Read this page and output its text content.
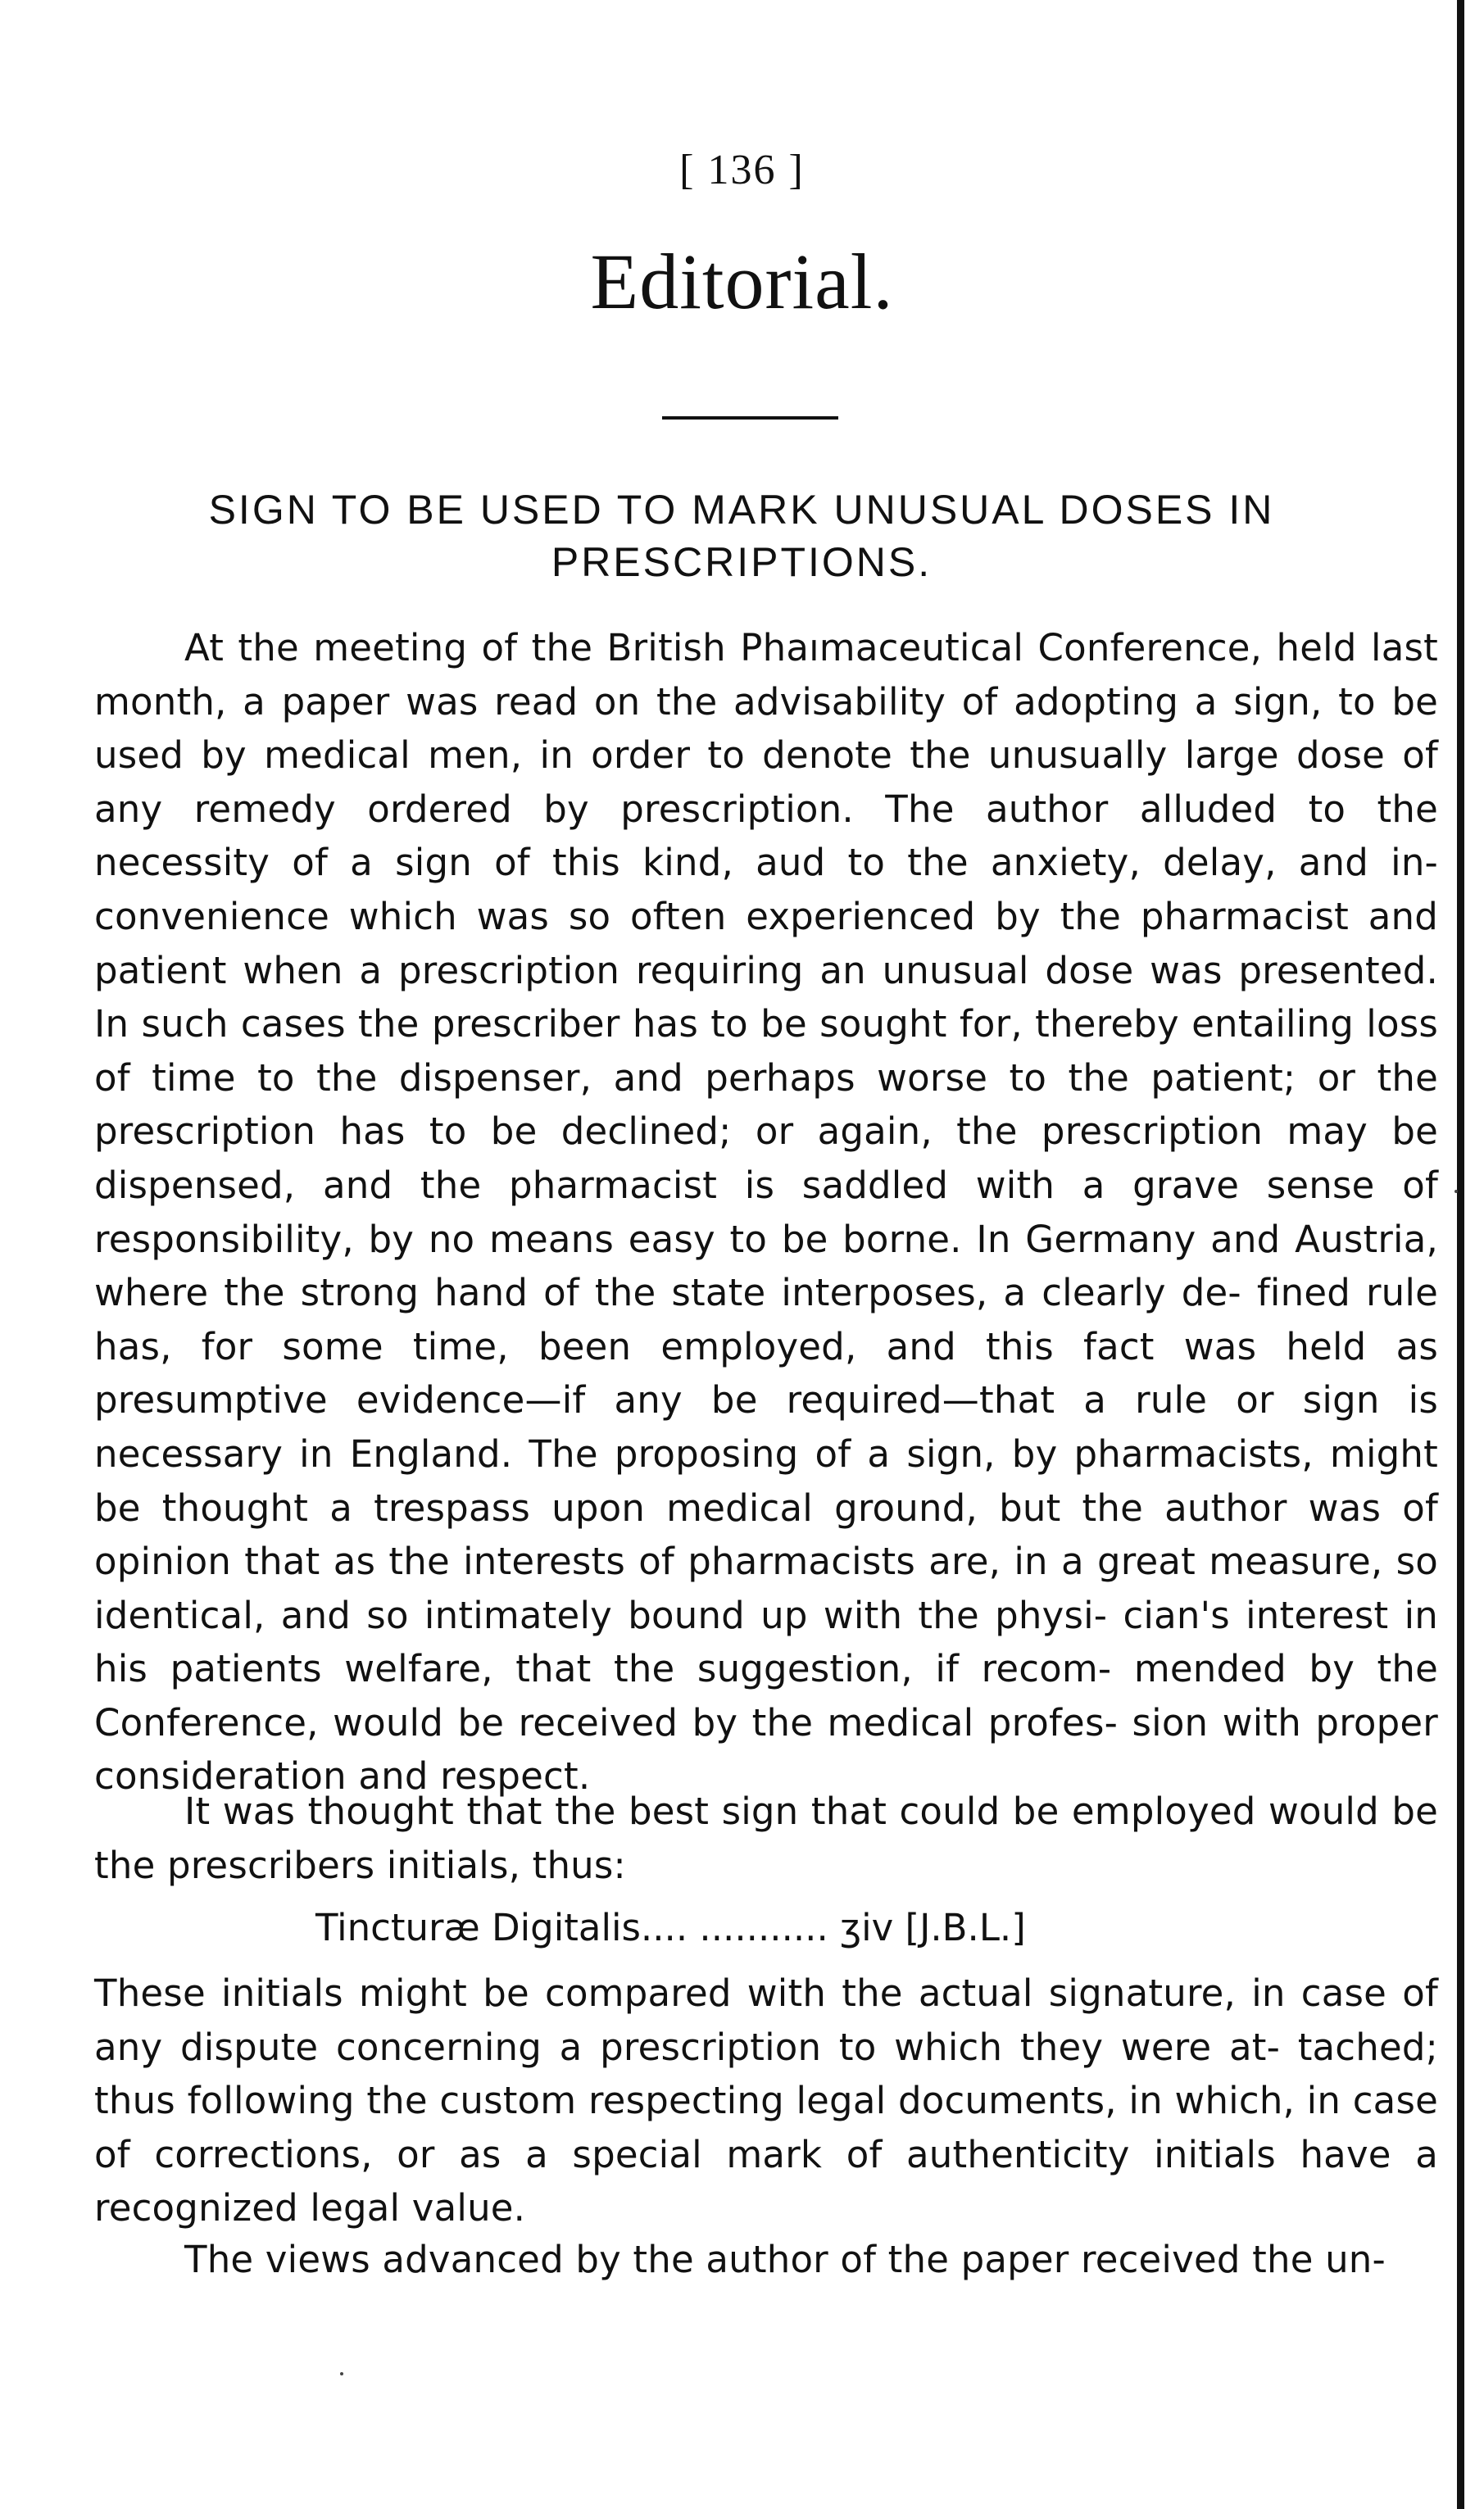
[ 136 ]
Editorial.
SIGN TO BE USED TO MARK UNUSUAL DOSES IN PRESCRIPTIONS.
At the meeting of the British Phaımaceutical Conference, held last month, a paper was read on the advisability of adopting a sign, to be used by medical men, in order to denote the unusually large dose of any remedy ordered by prescription. The author alluded to the necessity of a sign of this kind, aud to the anxiety, delay, and in- convenience which was so often experienced by the pharmacist and patient when a prescription requiring an unusual dose was presented. In such cases the prescriber has to be sought for, thereby entailing loss of time to the dispenser, and perhaps worse to the patient; or the prescription has to be declined; or again, the prescription may be dispensed, and the pharmacist is saddled with a grave sense of responsibility, by no means easy to be borne. In Germany and Austria, where the strong hand of the state interposes, a clearly de- fined rule has, for some time, been employed, and this fact was held as presumptive evidence—if any be required—that a rule or sign is necessary in England. The proposing of a sign, by pharmacists, might be thought a trespass upon medical ground, but the author was of opinion that as the interests of pharmacists are, in a great measure, so identical, and so intimately bound up with the physi- cian's interest in his patients welfare, that the suggestion, if recom- mended by the Conference, would be received by the medical profes- sion with proper consideration and respect.
It was thought that the best sign that could be employed would be the prescribers initials, thus:
Tincturæ Digitalis.... ........... ʒiv [J.B.L.]
These initials might be compared with the actual signature, in case of any dispute concerning a prescription to which they were at- tached; thus following the custom respecting legal documents, in which, in case of corrections, or as a special mark of authenticity initials have a recognized legal value.
The views advanced by the author of the paper received the un-
